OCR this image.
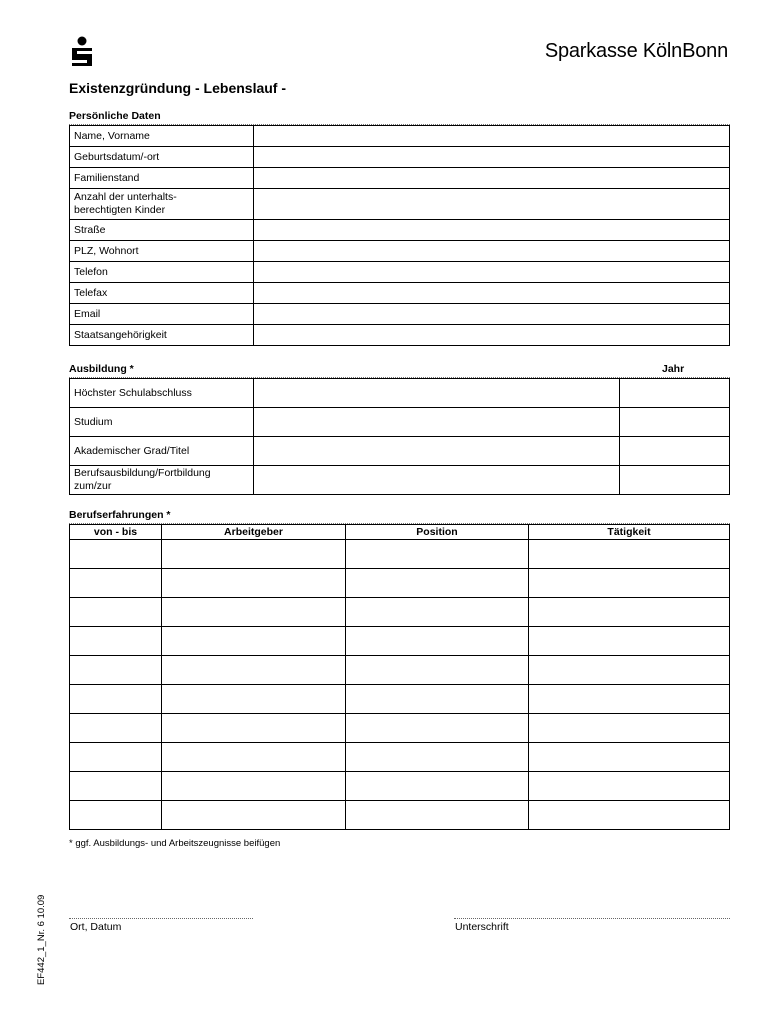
Sparkasse KölnBonn
Existenzgründung - Lebenslauf -
Persönliche Daten
Name, Vorname	
Geburtsdatum/-ort	
Familienstand	
Anzahl der unterhalts-
berechtigten Kinder	
Straße	
PLZ, Wohnort	
Telefon	
Telefax	
Email	
Staatsangehörigkeit	
Ausbildung *	Jahr
Höchster Schulabschluss		
Studium		
Akademischer Grad/Titel		
Berufsausbildung/Fortbildung
zum/zur		
Berufserfahrungen *
von - bis	Arbeitgeber	Position	Tätigkeit

* ggf. Ausbildungs- und Arbeitszeugnisse beifügen
Ort, Datum	Unterschrift
EF442_1_Nr. 6 10.09
